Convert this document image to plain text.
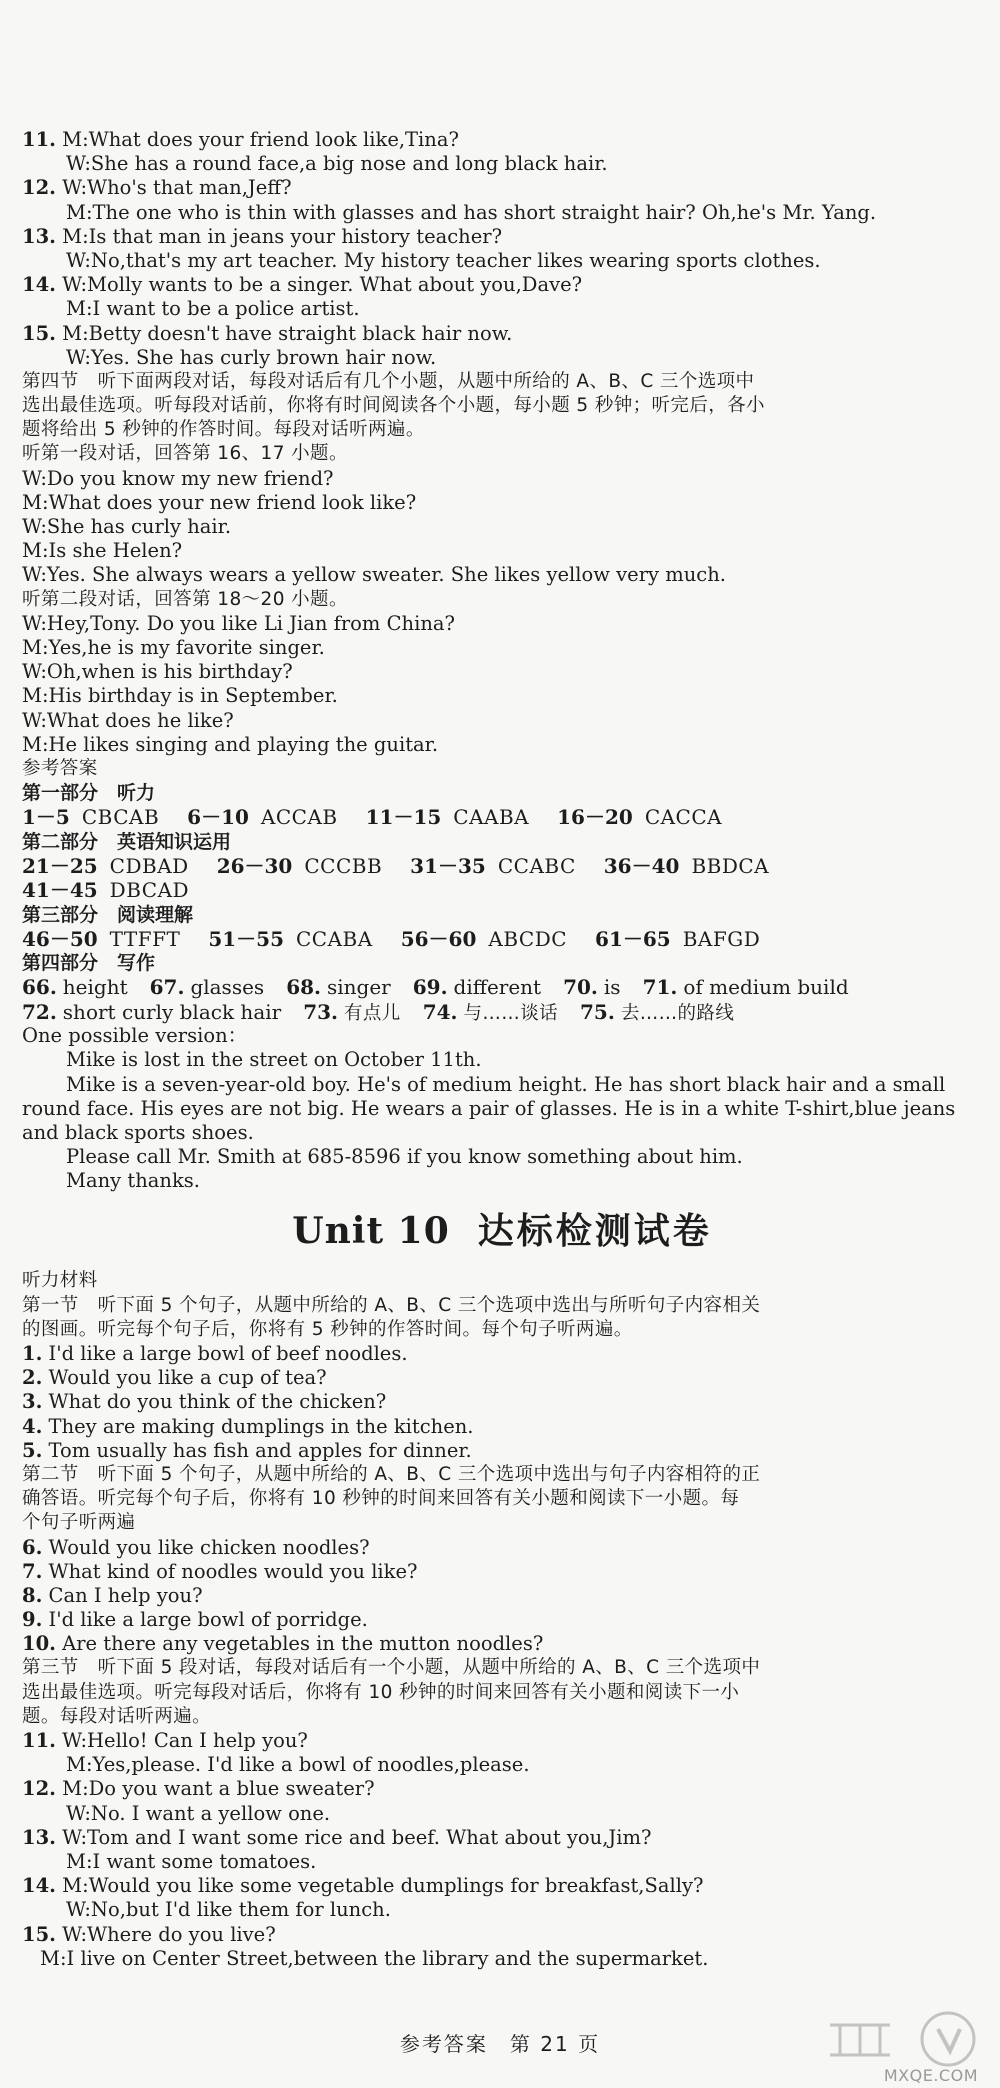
11. M:What does your friend look like,Tina?
W:She has a round face,a big nose and long black hair.
12. W:Who's that man,Jeff?
M:The one who is thin with glasses and has short straight hair? Oh,he's Mr. Yang.
13. M:Is that man in jeans your history teacher?
W:No,that's my art teacher. My history teacher likes wearing sports clothes.
14. W:Molly wants to be a singer. What about you,Dave?
M:I want to be a police artist.
15. M:Betty doesn't have straight black hair now.
W:Yes. She has curly brown hair now.
第四节　听下面两段对话，每段对话后有几个小题，从题中所给的 A、B、C 三个选项中
选出最佳选项。听每段对话前，你将有时间阅读各个小题，每小题 5 秒钟；听完后，各小
题将给出 5 秒钟的作答时间。每段对话听两遍。
听第一段对话，回答第 16、17 小题。
W:Do you know my new friend?
M:What does your new friend look like?
W:She has curly hair.
M:Is she Helen?
W:Yes. She always wears a yellow sweater. She likes yellow very much.
听第二段对话，回答第 18～20 小题。
W:Hey,Tony. Do you like Li Jian from China?
M:Yes,he is my favorite singer.
W:Oh,when is his birthday?
M:His birthday is in September.
W:What does he like?
M:He likes singing and playing the guitar.
参考答案
第一部分　听力
1－5 CBCAB 6－10 ACCAB 11－15 CAABA 16－20 CACCA
第二部分　英语知识运用
21－25 CDBAD 26－30 CCCBB 31－35 CCABC 36－40 BBDCA
41－45 DBCAD
第三部分　阅读理解
46－50 TTFFT 51－55 CCABA 56－60 ABCDC 61－65 BAFGD
第四部分　写作
66. height 67. glasses 68. singer 69. different 70. is 71. of medium build
72. short curly black hair 73. 有点儿 74. 与……谈话 75. 去……的路线
One possible version：
Mike is lost in the street on October 11th.
Mike is a seven-year-old boy. He's of medium height. He has short black hair and a small
round face. His eyes are not big. He wears a pair of glasses. He is in a white T-shirt,blue jeans
and black sports shoes.
Please call Mr. Smith at 685-8596 if you know something about him.
Many thanks.
Unit 10 达标检测试卷
听力材料
第一节　听下面 5 个句子，从题中所给的 A、B、C 三个选项中选出与所听句子内容相关
的图画。听完每个句子后，你将有 5 秒钟的作答时间。每个句子听两遍。
1. I'd like a large bowl of beef noodles.
2. Would you like a cup of tea?
3. What do you think of the chicken?
4. They are making dumplings in the kitchen.
5. Tom usually has fish and apples for dinner.
第二节　听下面 5 个句子，从题中所给的 A、B、C 三个选项中选出与句子内容相符的正
确答语。听完每个句子后，你将有 10 秒钟的时间来回答有关小题和阅读下一小题。每
个句子听两遍
6. Would you like chicken noodles?
7. What kind of noodles would you like?
8. Can I help you?
9. I'd like a large bowl of porridge.
10. Are there any vegetables in the mutton noodles?
第三节　听下面 5 段对话，每段对话后有一个小题，从题中所给的 A、B、C 三个选项中
选出最佳选项。听完每段对话后，你将有 10 秒钟的时间来回答有关小题和阅读下一小
题。每段对话听两遍。
11. W:Hello! Can I help you?
M:Yes,please. I'd like a bowl of noodles,please.
12. M:Do you want a blue sweater?
W:No. I want a yellow one.
13. W:Tom and I want some rice and beef. What about you,Jim?
M:I want some tomatoes.
14. M:Would you like some vegetable dumplings for breakfast,Sally?
W:No,but I'd like them for lunch.
15. W:Where do you live?
M:I live on Center Street,between the library and the supermarket.
参考答案　第 21 页
MXQE.COM
